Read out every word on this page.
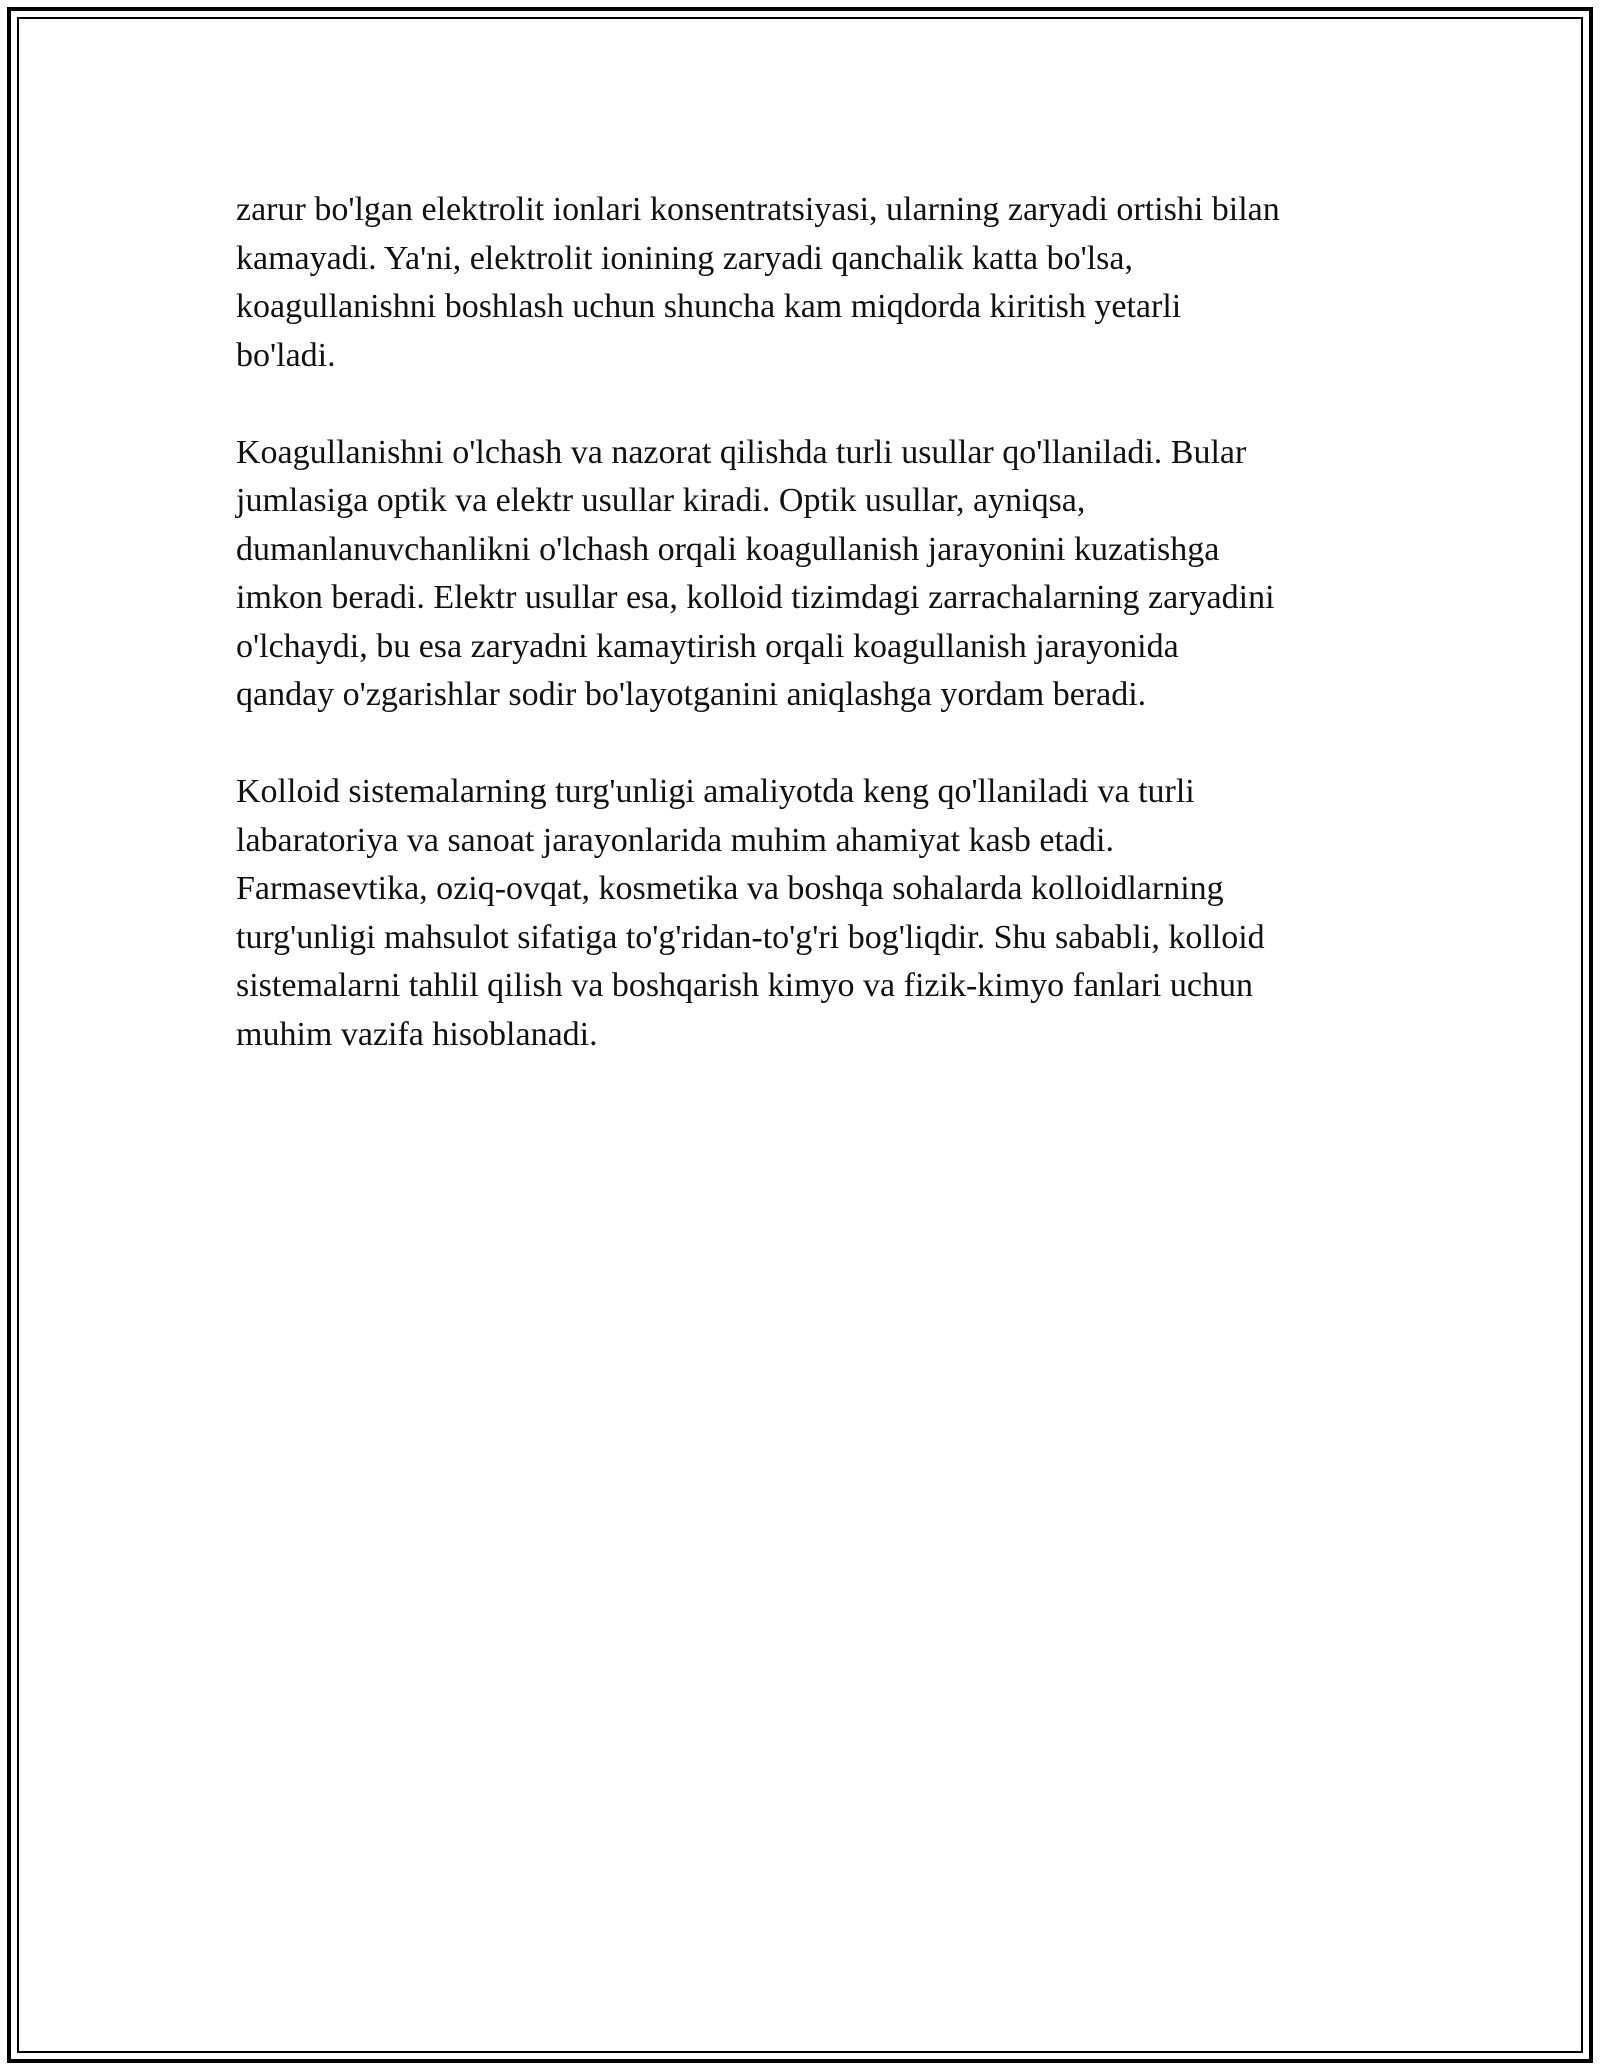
zarur bo'lgan elektrolit ionlari konsentratsiyasi, ularning zaryadi ortishi bilan
kamayadi. Ya'ni, elektrolit ionining zaryadi qanchalik katta bo'lsa,
koagullanishni boshlash uchun shuncha kam miqdorda kiritish yetarli
bo'ladi.

Koagullanishni o'lchash va nazorat qilishda turli usullar qo'llaniladi. Bular
jumlasiga optik va elektr usullar kiradi. Optik usullar, ayniqsa,
dumanlanuvchanlikni o'lchash orqali koagullanish jarayonini kuzatishga
imkon beradi. Elektr usullar esa, kolloid tizimdagi zarrachalarning zaryadini
o'lchaydi, bu esa zaryadni kamaytirish orqali koagullanish jarayonida
qanday o'zgarishlar sodir bo'layotganini aniqlashga yordam beradi.

Kolloid sistemalarning turg'unligi amaliyotda keng qo'llaniladi va turli
labaratoriya va sanoat jarayonlarida muhim ahamiyat kasb etadi.
Farmasevtika, oziq-ovqat, kosmetika va boshqa sohalarda kolloidlarning
turg'unligi mahsulot sifatiga to'g'ridan-to'g'ri bog'liqdir. Shu sababli, kolloid
sistemalarni tahlil qilish va boshqarish kimyo va fizik-kimyo fanlari uchun
muhim vazifa hisoblanadi.
